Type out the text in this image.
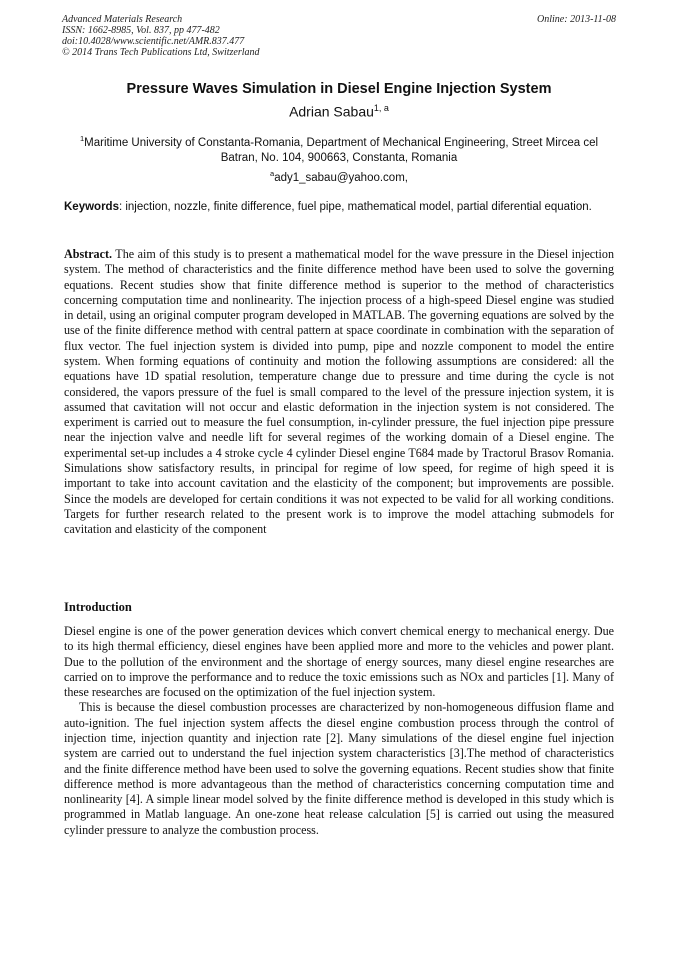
Advanced Materials Research
ISSN: 1662-8985, Vol. 837, pp 477-482
doi:10.4028/www.scientific.net/AMR.837.477
© 2014 Trans Tech Publications Ltd, Switzerland
Online: 2013-11-08
Pressure Waves Simulation in Diesel Engine Injection System
Adrian Sabau$^{1, a}$
$^1$Maritime University of Constanta-Romania, Department of Mechanical Engineering, Street Mircea cel Batran, No. 104, 900663, Constanta, Romania
$^a$ady1_sabau@yahoo.com,
Keywords: injection, nozzle, finite difference, fuel pipe, mathematical model, partial diferential equation.
Abstract. The aim of this study is to present a mathematical model for the wave pressure in the Diesel injection system. The method of characteristics and the finite difference method have been used to solve the governing equations. Recent studies show that finite difference method is superior to the method of characteristics concerning computation time and nonlinearity. The injection process of a high-speed Diesel engine was studied in detail, using an original computer program developed in MATLAB. The governing equations are solved by the use of the finite difference method with central pattern at space coordinate in combination with the separation of flux vector. The fuel injection system is divided into pump, pipe and nozzle component to model the entire system. When forming equations of continuity and motion the following assumptions are considered: all the equations have 1D spatial resolution, temperature change due to pressure and time during the cycle is not considered, the vapors pressure of the fuel is small compared to the level of the pressure injection system, it is assumed that cavitation will not occur and elastic deformation in the injection system is not considered. The experiment is carried out to measure the fuel consumption, in-cylinder pressure, the fuel injection pipe pressure near the injection valve and needle lift for several regimes of the working domain of a Diesel engine. The experimental set-up includes a 4 stroke cycle 4 cylinder Diesel engine T684 made by Tractorul Brasov Romania. Simulations show satisfactory results, in principal for regime of low speed, for regime of high speed it is important to take into account cavitation and the elasticity of the component; but improvements are possible. Since the models are developed for certain conditions it was not expected to be valid for all working conditions. Targets for further research related to the present work is to improve the model attaching submodels for cavitation and elasticity of the component
Introduction

Diesel engine is one of the power generation devices which convert chemical energy to mechanical energy. Due to its high thermal efficiency, diesel engines have been applied more and more to the vehicles and power plant. Due to the pollution of the environment and the shortage of energy sources, many diesel engine researches are carried on to improve the performance and to reduce the toxic emissions such as NOx and particles [1]. Many of these researches are focused on the optimization of the fuel injection system.

This is because the diesel combustion processes are characterized by non-homogeneous diffusion flame and auto-ignition. The fuel injection system affects the diesel engine combustion process through the control of injection time, injection quantity and injection rate [2]. Many simulations of the diesel engine fuel injection system are carried out to understand the fuel injection system characteristics [3].The method of characteristics and the finite difference method have been used to solve the governing equations. Recent studies show that finite difference method is more advantageous than the method of characteristics concerning computation time and nonlinearity [4]. A simple linear model solved by the finite difference method is developed in this study which is programmed in Matlab language. An one-zone heat release calculation [5] is carried out using the measured cylinder pressure to analyze the combustion process.
